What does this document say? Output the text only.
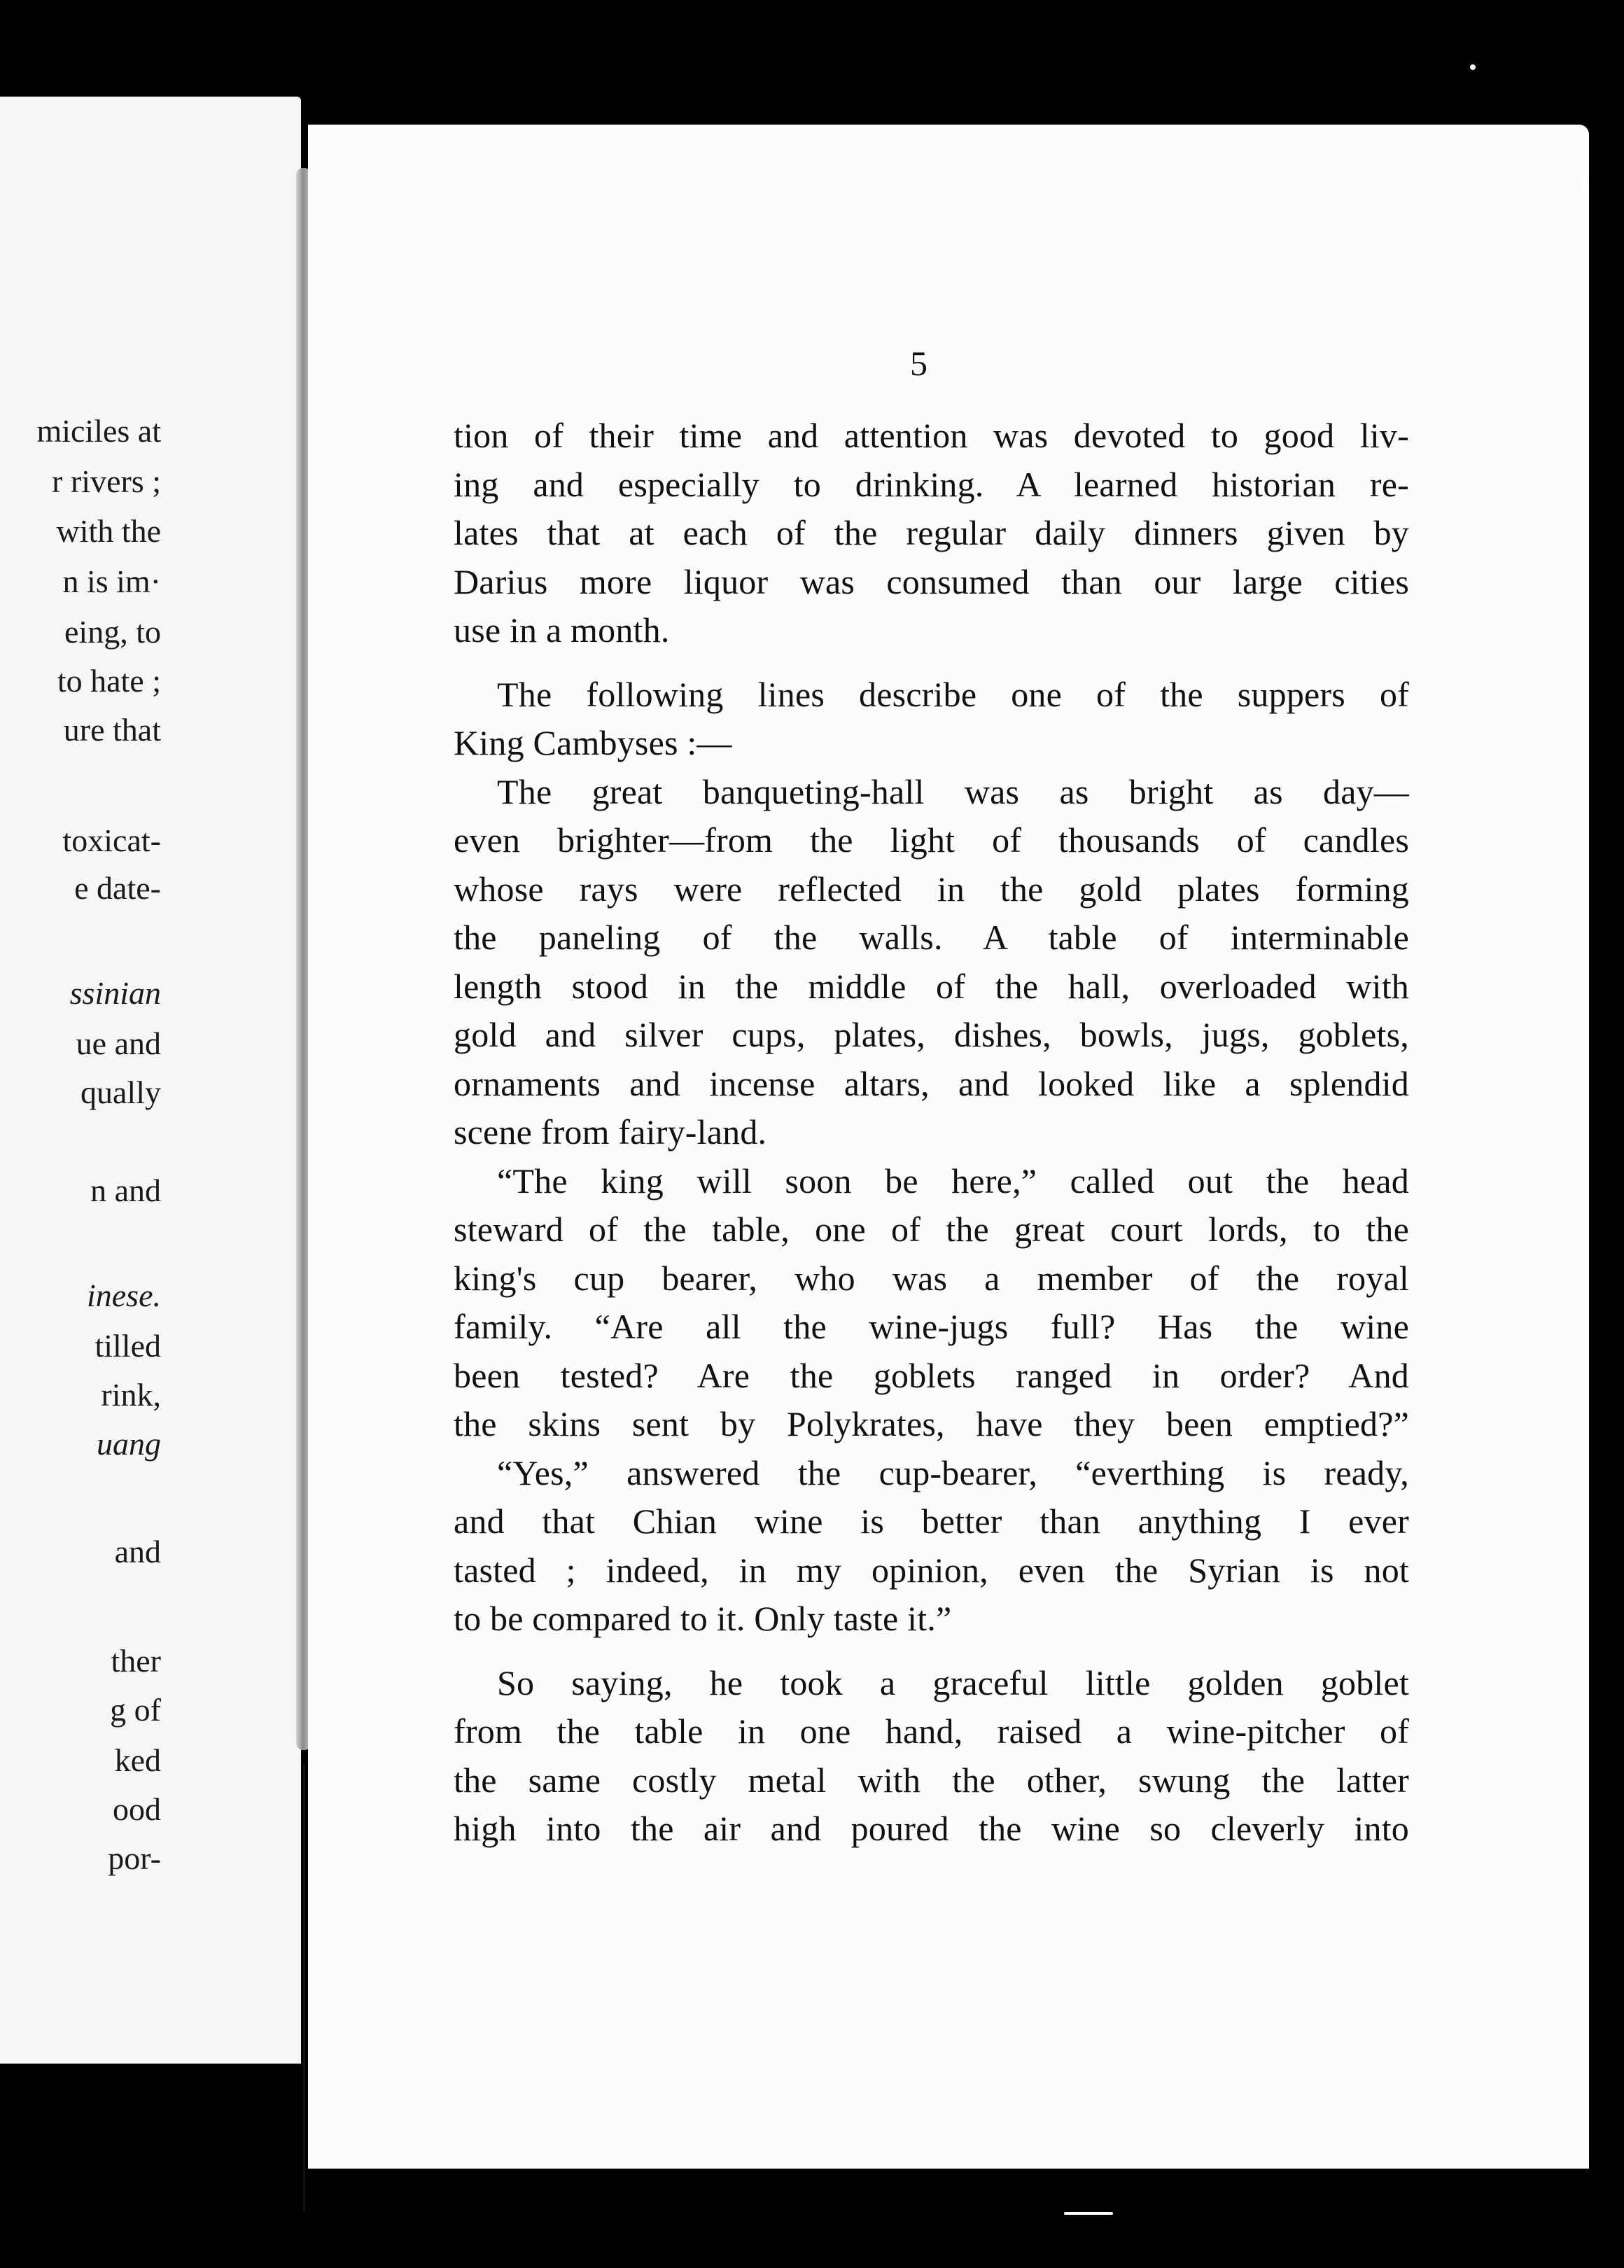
miciles at
r rivers ;
with the
n is im·
eing, to
to hate ;
ure that
toxicat-
e date-
ssinian
ue and
qually
n and
inese.
tilled
rink,
uang
and
ther
g of
ked
ood
por-
5
tion of their time and attention was devoted to good liv-
ing and especially to drinking. A learned historian re-
lates that at each of the regular daily dinners given by
Darius more liquor was consumed than our large cities
use in a month.
The following lines describe one of the suppers of
King Cambyses :—
The great banqueting-hall was as bright as day—
even brighter—from the light of thousands of candles
whose rays were reflected in the gold plates forming
the paneling of the walls. A table of interminable
length stood in the middle of the hall, overloaded with
gold and silver cups, plates, dishes, bowls, jugs, goblets,
ornaments and incense altars, and looked like a splendid
scene from fairy-land.
“The king will soon be here,” called out the head
steward of the table, one of the great court lords, to the
king's cup bearer, who was a member of the royal
family. “Are all the wine-jugs full? Has the wine
been tested? Are the goblets ranged in order? And
the skins sent by Polykrates, have they been emptied?”
“Yes,” answered the cup-bearer, “everthing is ready,
and that Chian wine is better than anything I ever
tasted ; indeed, in my opinion, even the Syrian is not
to be compared to it. Only taste it.”
So saying, he took a graceful little golden goblet
from the table in one hand, raised a wine-pitcher of
the same costly metal with the other, swung the latter
high into the air and poured the wine so cleverly into
